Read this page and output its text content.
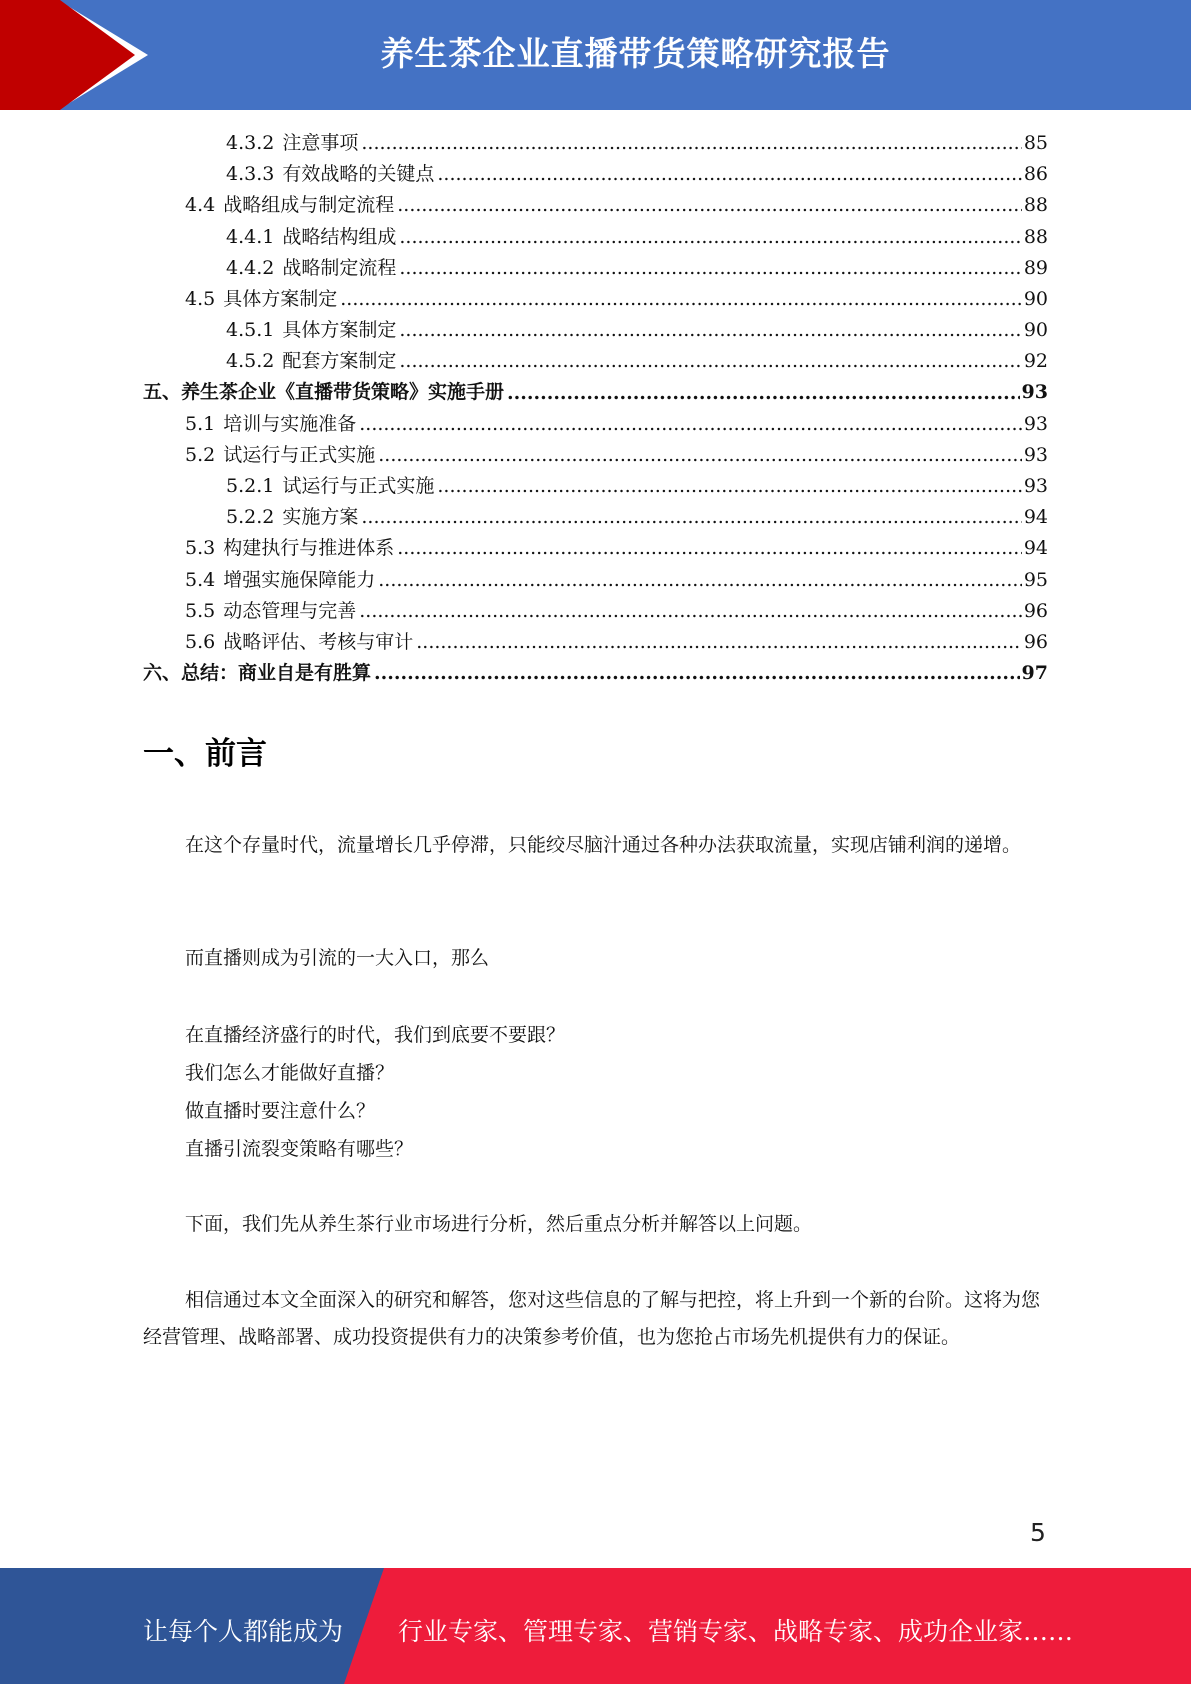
养生茶企业直播带货策略研究报告
4.3.2 注意事项 .....	85
4.3.3 有效战略的关键点 .....	86
4.4 战略组成与制定流程 .....	88
4.4.1 战略结构组成 .....	88
4.4.2 战略制定流程 .....	89
4.5 具体方案制定 .....	90
4.5.1 具体方案制定 .....	90
4.5.2 配套方案制定 .....	92
五、养生茶企业《直播带货策略》实施手册 .....	93
5.1 培训与实施准备 .....	93
5.2 试运行与正式实施 .....	93
5.2.1 试运行与正式实施 .....	93
5.2.2 实施方案 .....	94
5.3 构建执行与推进体系 .....	94
5.4 增强实施保障能力 .....	95
5.5 动态管理与完善 .....	96
5.6 战略评估、考核与审计 .....	96
六、总结：商业自是有胜算 .....	97
一、前言

在这个存量时代，流量增长几乎停滞，只能绞尽脑汁通过各种办法获取流量，实现店铺利润的递增。

而直播则成为引流的一大入口，那么

在直播经济盛行的时代，我们到底要不要跟？

我们怎么才能做好直播？

做直播时要注意什么？

直播引流裂变策略有哪些？

下面，我们先从养生茶行业市场进行分析，然后重点分析并解答以上问题。

相信通过本文全面深入的研究和解答，您对这些信息的了解与把控，将上升到一个新的台阶。这将为您经营管理、战略部署、成功投资提供有力的决策参考价值，也为您抢占市场先机提供有力的保证。

5
让每个人都能成为 行业专家、管理专家、营销专家、战略专家、成功企业家……
